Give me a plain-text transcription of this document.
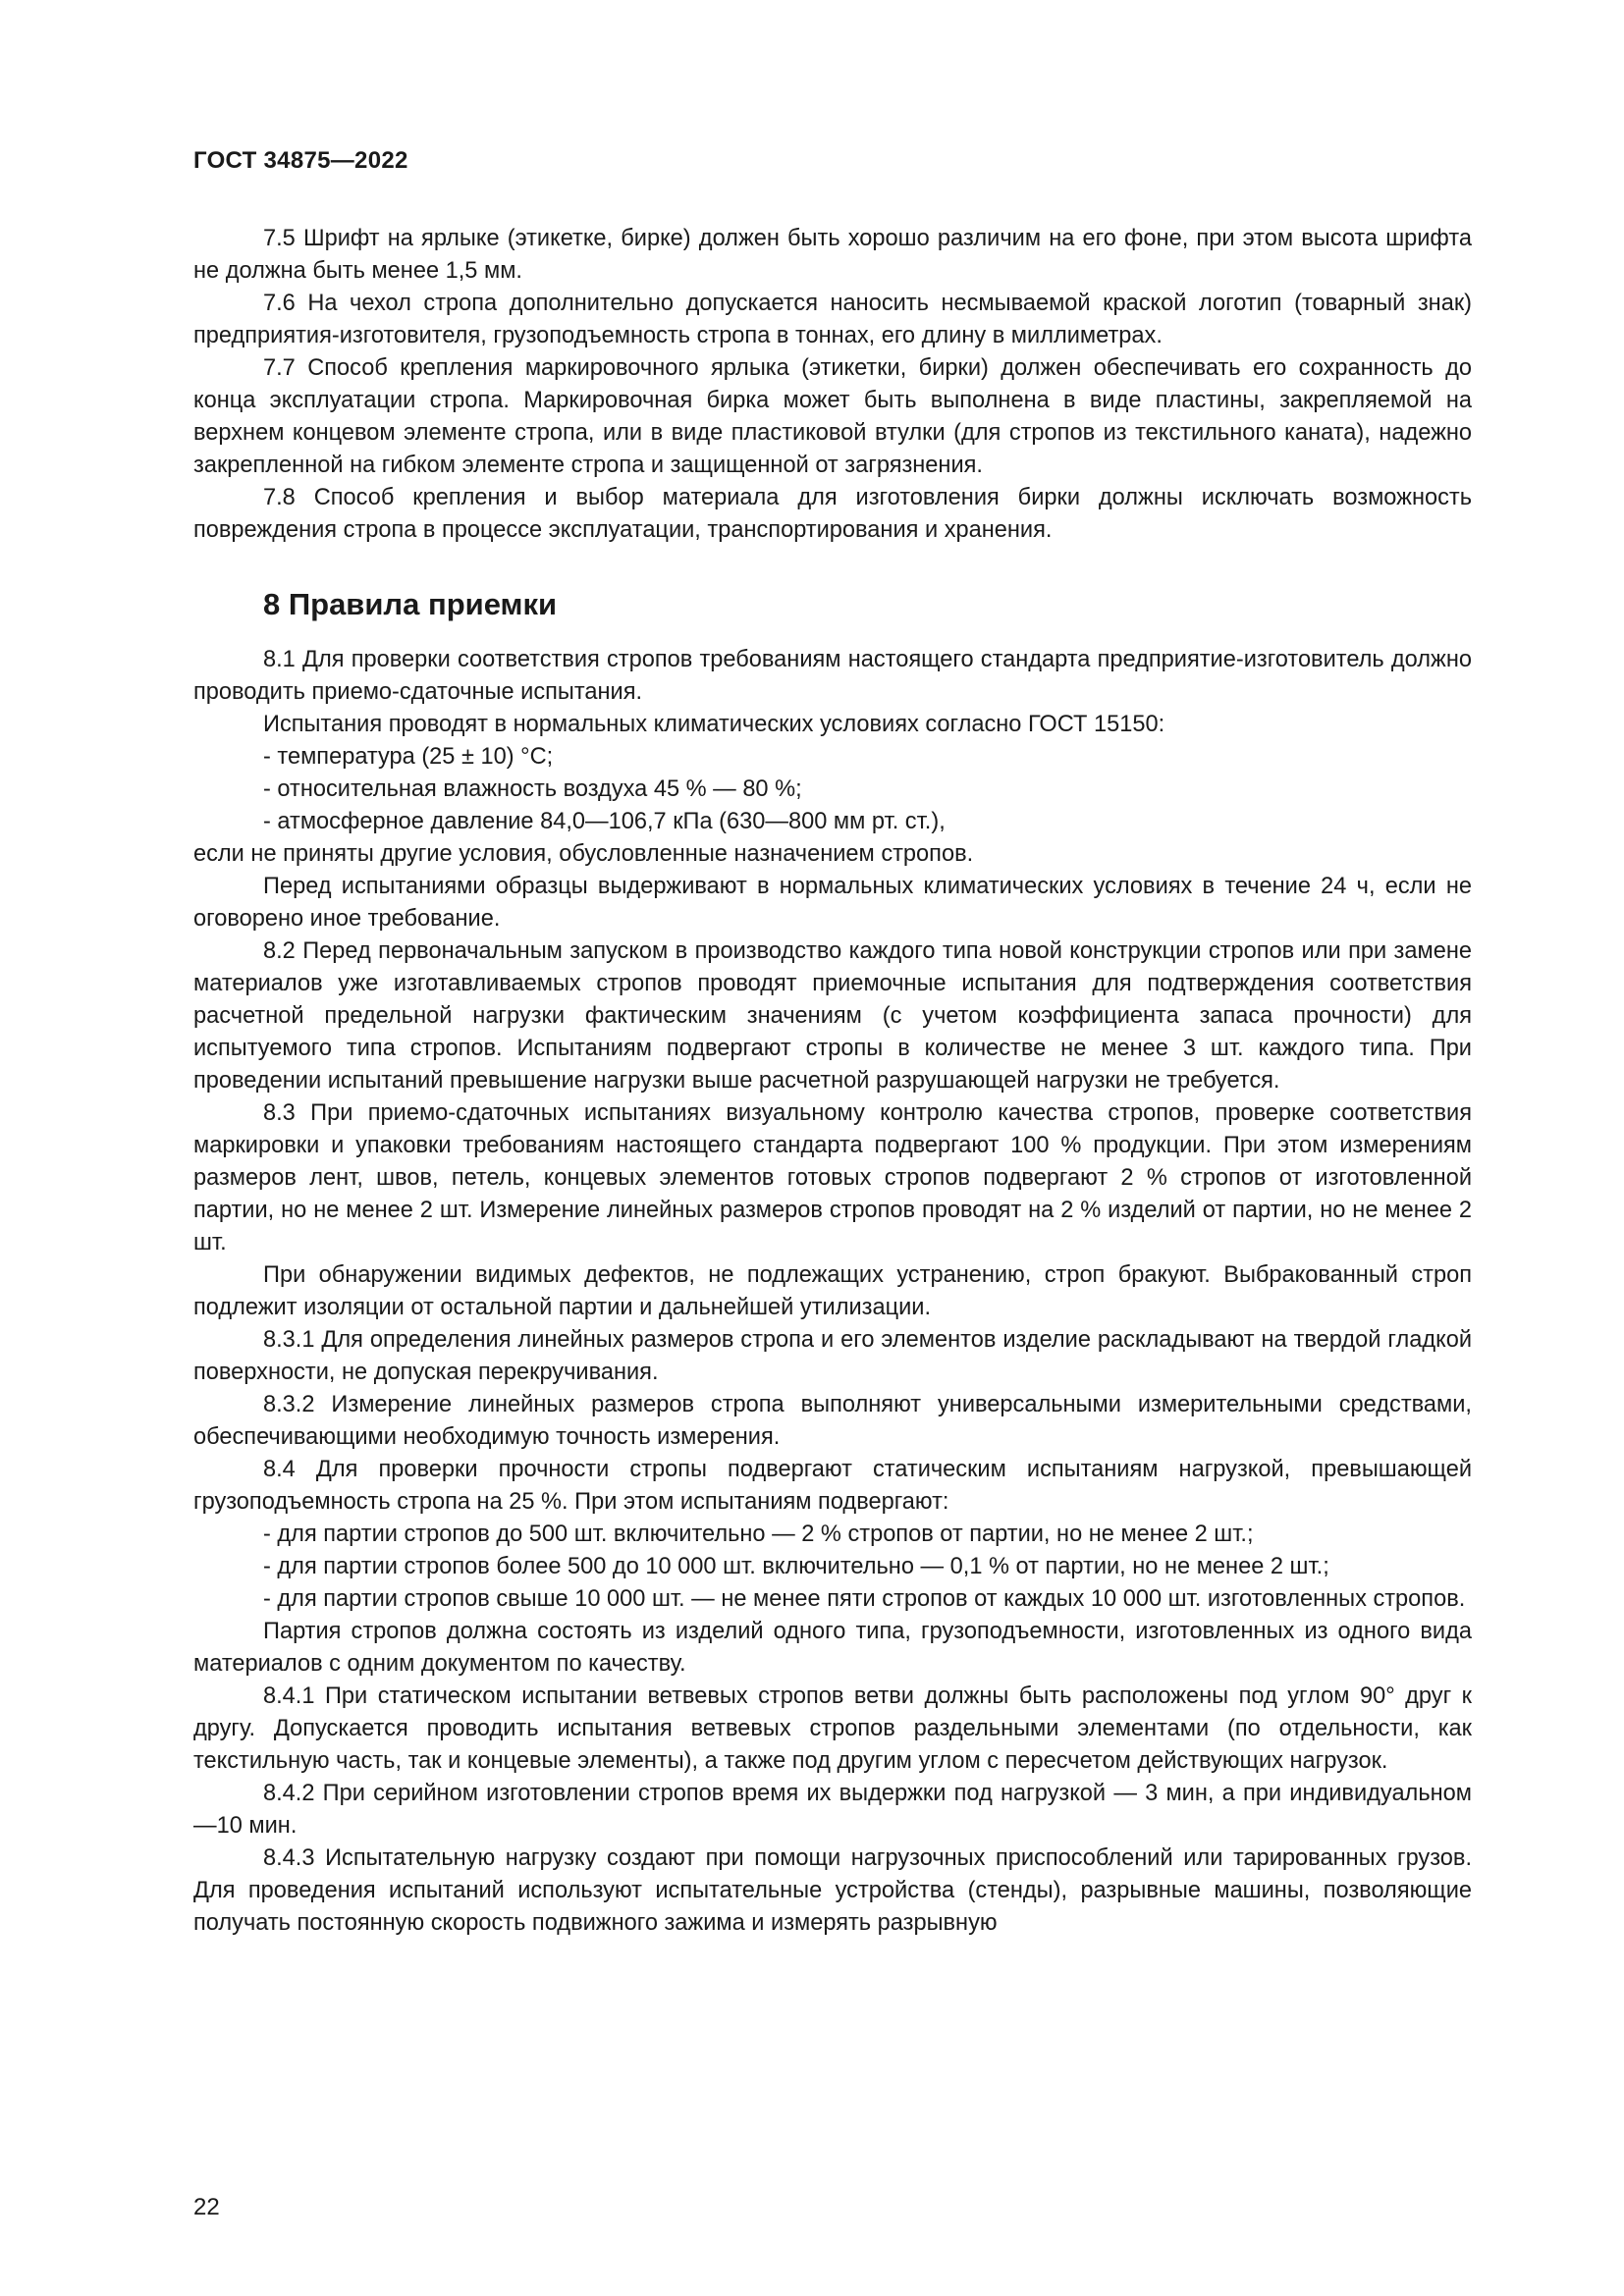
ГОСТ 34875—2022

7.5 Шрифт на ярлыке (этикетке, бирке) должен быть хорошо различим на его фоне, при этом высота шрифта не должна быть менее 1,5 мм.

7.6 На чехол стропа дополнительно допускается наносить несмываемой краской логотип (товарный знак) предприятия-изготовителя, грузоподъемность стропа в тоннах, его длину в миллиметрах.

7.7 Способ крепления маркировочного ярлыка (этикетки, бирки) должен обеспечивать его сохранность до конца эксплуатации стропа. Маркировочная бирка может быть выполнена в виде пластины, закрепляемой на верхнем концевом элементе стропа, или в виде пластиковой втулки (для стропов из текстильного каната), надежно закрепленной на гибком элементе стропа и защищенной от загрязнения.

7.8 Способ крепления и выбор материала для изготовления бирки должны исключать возможность повреждения стропа в процессе эксплуатации, транспортирования и хранения.

8 Правила приемки

8.1 Для проверки соответствия стропов требованиям настоящего стандарта предприятие-изготовитель должно проводить приемо-сдаточные испытания.

Испытания проводят в нормальных климатических условиях согласно ГОСТ 15150:

- температура (25 ± 10) °С;

- относительная влажность воздуха 45 % — 80 %;

- атмосферное давление 84,0—106,7 кПа (630—800 мм рт. ст.),

если не приняты другие условия, обусловленные назначением стропов.

Перед испытаниями образцы выдерживают в нормальных климатических условиях в течение 24 ч, если не оговорено иное требование.

8.2 Перед первоначальным запуском в производство каждого типа новой конструкции стропов или при замене материалов уже изготавливаемых стропов проводят приемочные испытания для подтверждения соответствия расчетной предельной нагрузки фактическим значениям (с учетом коэффициента запаса прочности) для испытуемого типа стропов. Испытаниям подвергают стропы в количестве не менее 3 шт. каждого типа. При проведении испытаний превышение нагрузки выше расчетной разрушающей нагрузки не требуется.

8.3 При приемо-сдаточных испытаниях визуальному контролю качества стропов, проверке соответствия маркировки и упаковки требованиям настоящего стандарта подвергают 100 % продукции. При этом измерениям размеров лент, швов, петель, концевых элементов готовых стропов подвергают 2 % стропов от изготовленной партии, но не менее 2 шт. Измерение линейных размеров стропов проводят на 2 % изделий от партии, но не менее 2 шт.

При обнаружении видимых дефектов, не подлежащих устранению, строп бракуют. Выбракованный строп подлежит изоляции от остальной партии и дальнейшей утилизации.

8.3.1 Для определения линейных размеров стропа и его элементов изделие раскладывают на твердой гладкой поверхности, не допуская перекручивания.

8.3.2 Измерение линейных размеров стропа выполняют универсальными измерительными средствами, обеспечивающими необходимую точность измерения.

8.4 Для проверки прочности стропы подвергают статическим испытаниям нагрузкой, превышающей грузоподъемность стропа на 25 %. При этом испытаниям подвергают:

- для партии стропов до 500 шт. включительно — 2 % стропов от партии, но не менее 2 шт.;

- для партии стропов более 500 до 10 000 шт. включительно — 0,1 % от партии, но не менее 2 шт.;

- для партии стропов свыше 10 000 шт. — не менее пяти стропов от каждых 10 000 шт. изготовленных стропов.

Партия стропов должна состоять из изделий одного типа, грузоподъемности, изготовленных из одного вида материалов с одним документом по качеству.

8.4.1 При статическом испытании ветвевых стропов ветви должны быть расположены под углом 90° друг к другу. Допускается проводить испытания ветвевых стропов раздельными элементами (по отдельности, как текстильную часть, так и концевые элементы), а также под другим углом с пересчетом действующих нагрузок.

8.4.2 При серийном изготовлении стропов время их выдержки под нагрузкой — 3 мин, а при индивидуальном —10 мин.

8.4.3 Испытательную нагрузку создают при помощи нагрузочных приспособлений или тарированных грузов. Для проведения испытаний используют испытательные устройства (стенды), разрывные машины, позволяющие получать постоянную скорость подвижного зажима и измерять разрывную

22
